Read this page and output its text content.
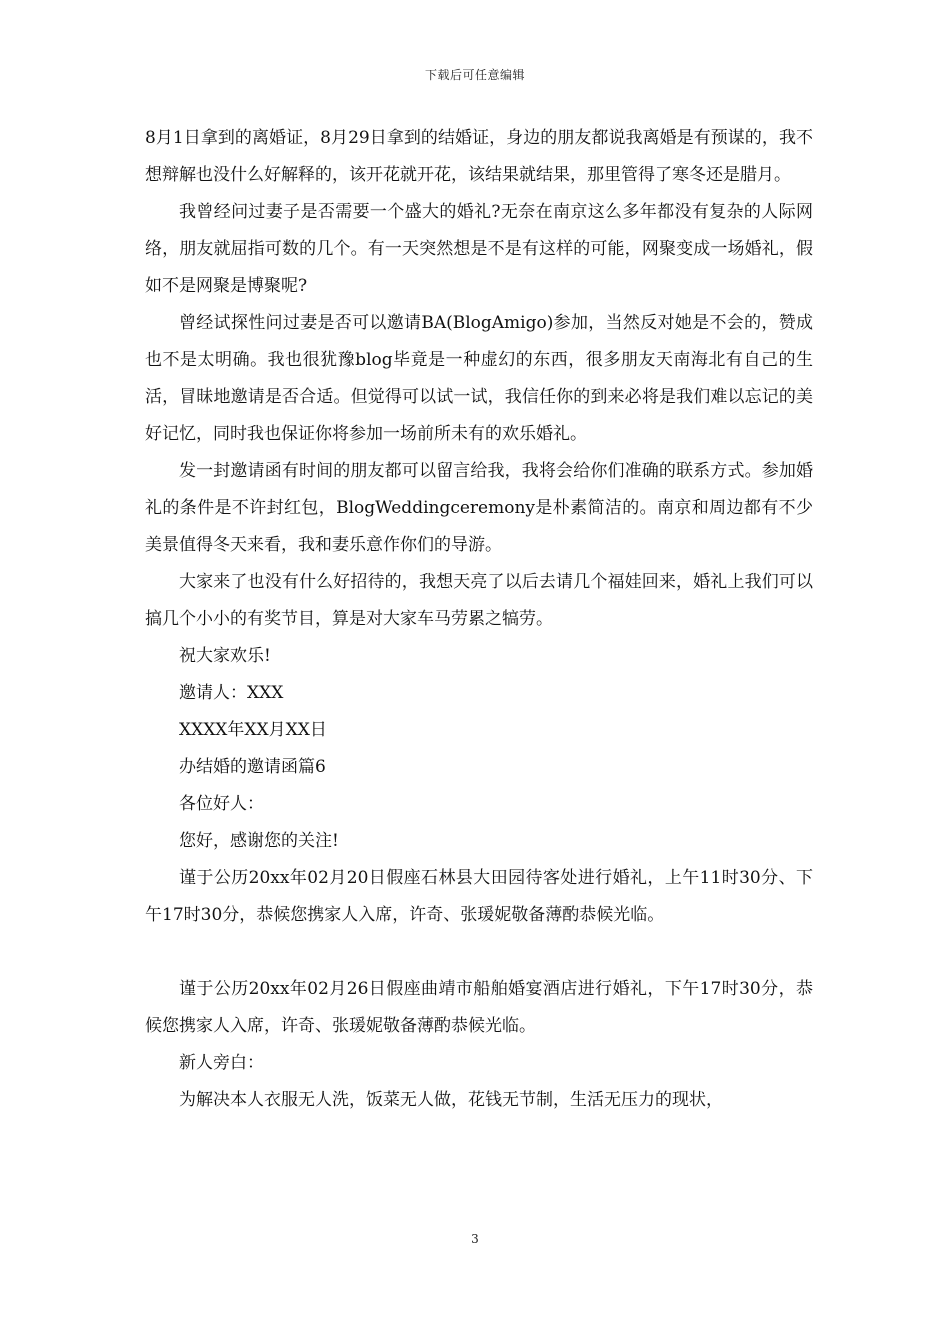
下载后可任意编辑

8月1日拿到的离婚证，8月29日拿到的结婚证，身边的朋友都说我离婚是有预谋的，我不想辩解也没什么好解释的，该开花就开花，该结果就结果，那里管得了寒冬还是腊月。

我曾经问过妻子是否需要一个盛大的婚礼?无奈在南京这么多年都没有复杂的人际网络，朋友就屈指可数的几个。有一天突然想是不是有这样的可能，网聚变成一场婚礼，假如不是网聚是博聚呢?

曾经试探性问过妻是否可以邀请BA(BlogAmigo)参加，当然反对她是不会的，赞成也不是太明确。我也很犹豫blog毕竟是一种虚幻的东西，很多朋友天南海北有自己的生活，冒昧地邀请是否合适。但觉得可以试一试，我信任你的到来必将是我们难以忘记的美好记忆，同时我也保证你将参加一场前所未有的欢乐婚礼。

发一封邀请函有时间的朋友都可以留言给我，我将会给你们准确的联系方式。参加婚礼的条件是不许封红包，BlogWeddingceremony是朴素简洁的。南京和周边都有不少美景值得冬天来看，我和妻乐意作你们的导游。

大家来了也没有什么好招待的，我想天亮了以后去请几个福娃回来，婚礼上我们可以搞几个小小的有奖节目，算是对大家车马劳累之犒劳。

祝大家欢乐!

邀请人：XXX

XXXX年XX月XX日

办结婚的邀请函篇6

各位好人：

您好，感谢您的关注!

谨于公历20xx年02月20日假座石林县大田园待客处进行婚礼，上午11时30分、下午17时30分，恭候您携家人入席，许奇、张瑗妮敬备薄酌恭候光临。

谨于公历20xx年02月26日假座曲靖市船舶婚宴酒店进行婚礼，下午17时30分，恭候您携家人入席，许奇、张瑗妮敬备薄酌恭候光临。

新人旁白：

为解决本人衣服无人洗，饭菜无人做，花钱无节制，生活无压力的现状，

3
